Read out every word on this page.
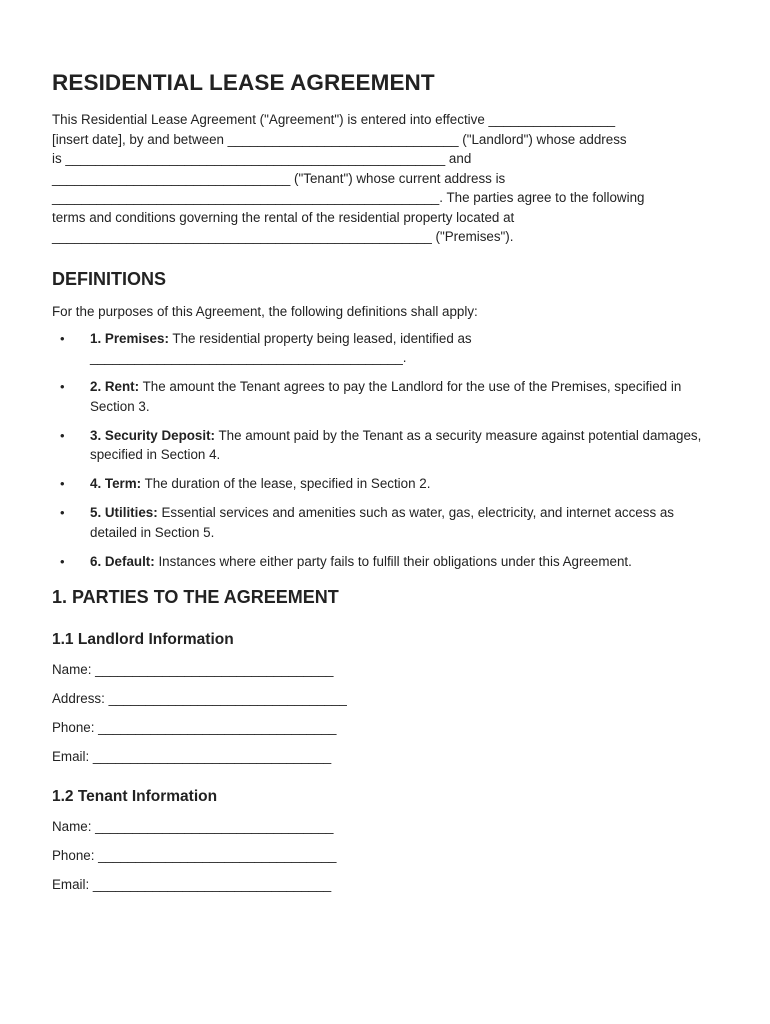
RESIDENTIAL LEASE AGREEMENT
This Residential Lease Agreement ("Agreement") is entered into effective _________________
[insert date], by and between _______________________________ ("Landlord") whose address
is ___________________________________________________ and
________________________________ ("Tenant") whose current address is
____________________________________________________. The parties agree to the following
terms and conditions governing the rental of the residential property located at
___________________________________________________ ("Premises").
DEFINITIONS
For the purposes of this Agreement, the following definitions shall apply:
• 1. Premises: The residential property being leased, identified as
__________________________________________.
• 2. Rent: The amount the Tenant agrees to pay the Landlord for the use of the Premises, specified in Section 3.
• 3. Security Deposit: The amount paid by the Tenant as a security measure against potential damages, specified in Section 4.
• 4. Term: The duration of the lease, specified in Section 2.
• 5. Utilities: Essential services and amenities such as water, gas, electricity, and internet access as detailed in Section 5.
• 6. Default: Instances where either party fails to fulfill their obligations under this Agreement.
1. PARTIES TO THE AGREEMENT
1.1 Landlord Information
Name: ________________________________
Address: ________________________________
Phone: ________________________________
Email: ________________________________
1.2 Tenant Information
Name: ________________________________
Phone: ________________________________
Email: ________________________________
